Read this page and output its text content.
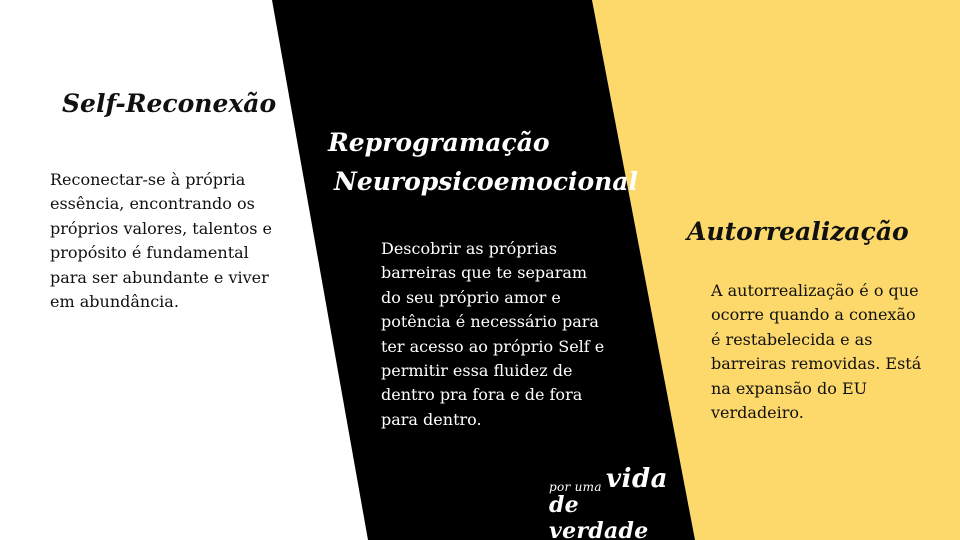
Self-Reconexão

Reconectar-se à própria essência, encontrando os próprios valores, talentos e propósito é fundamental para ser abundante e viver em abundância.

Reprogramação
Neuropsicoemocional

Descobrir as próprias barreiras que te separam do seu próprio amor e potência é necessário para ter acesso ao próprio Self e permitir essa fluidez de dentro pra fora e de fora para dentro.

Autorrealização

A autorrealização é o que ocorre quando a conexão é restabelecida e as barreiras removidas. Está na expansão do EU verdadeiro.

por uma vida
de verdade
